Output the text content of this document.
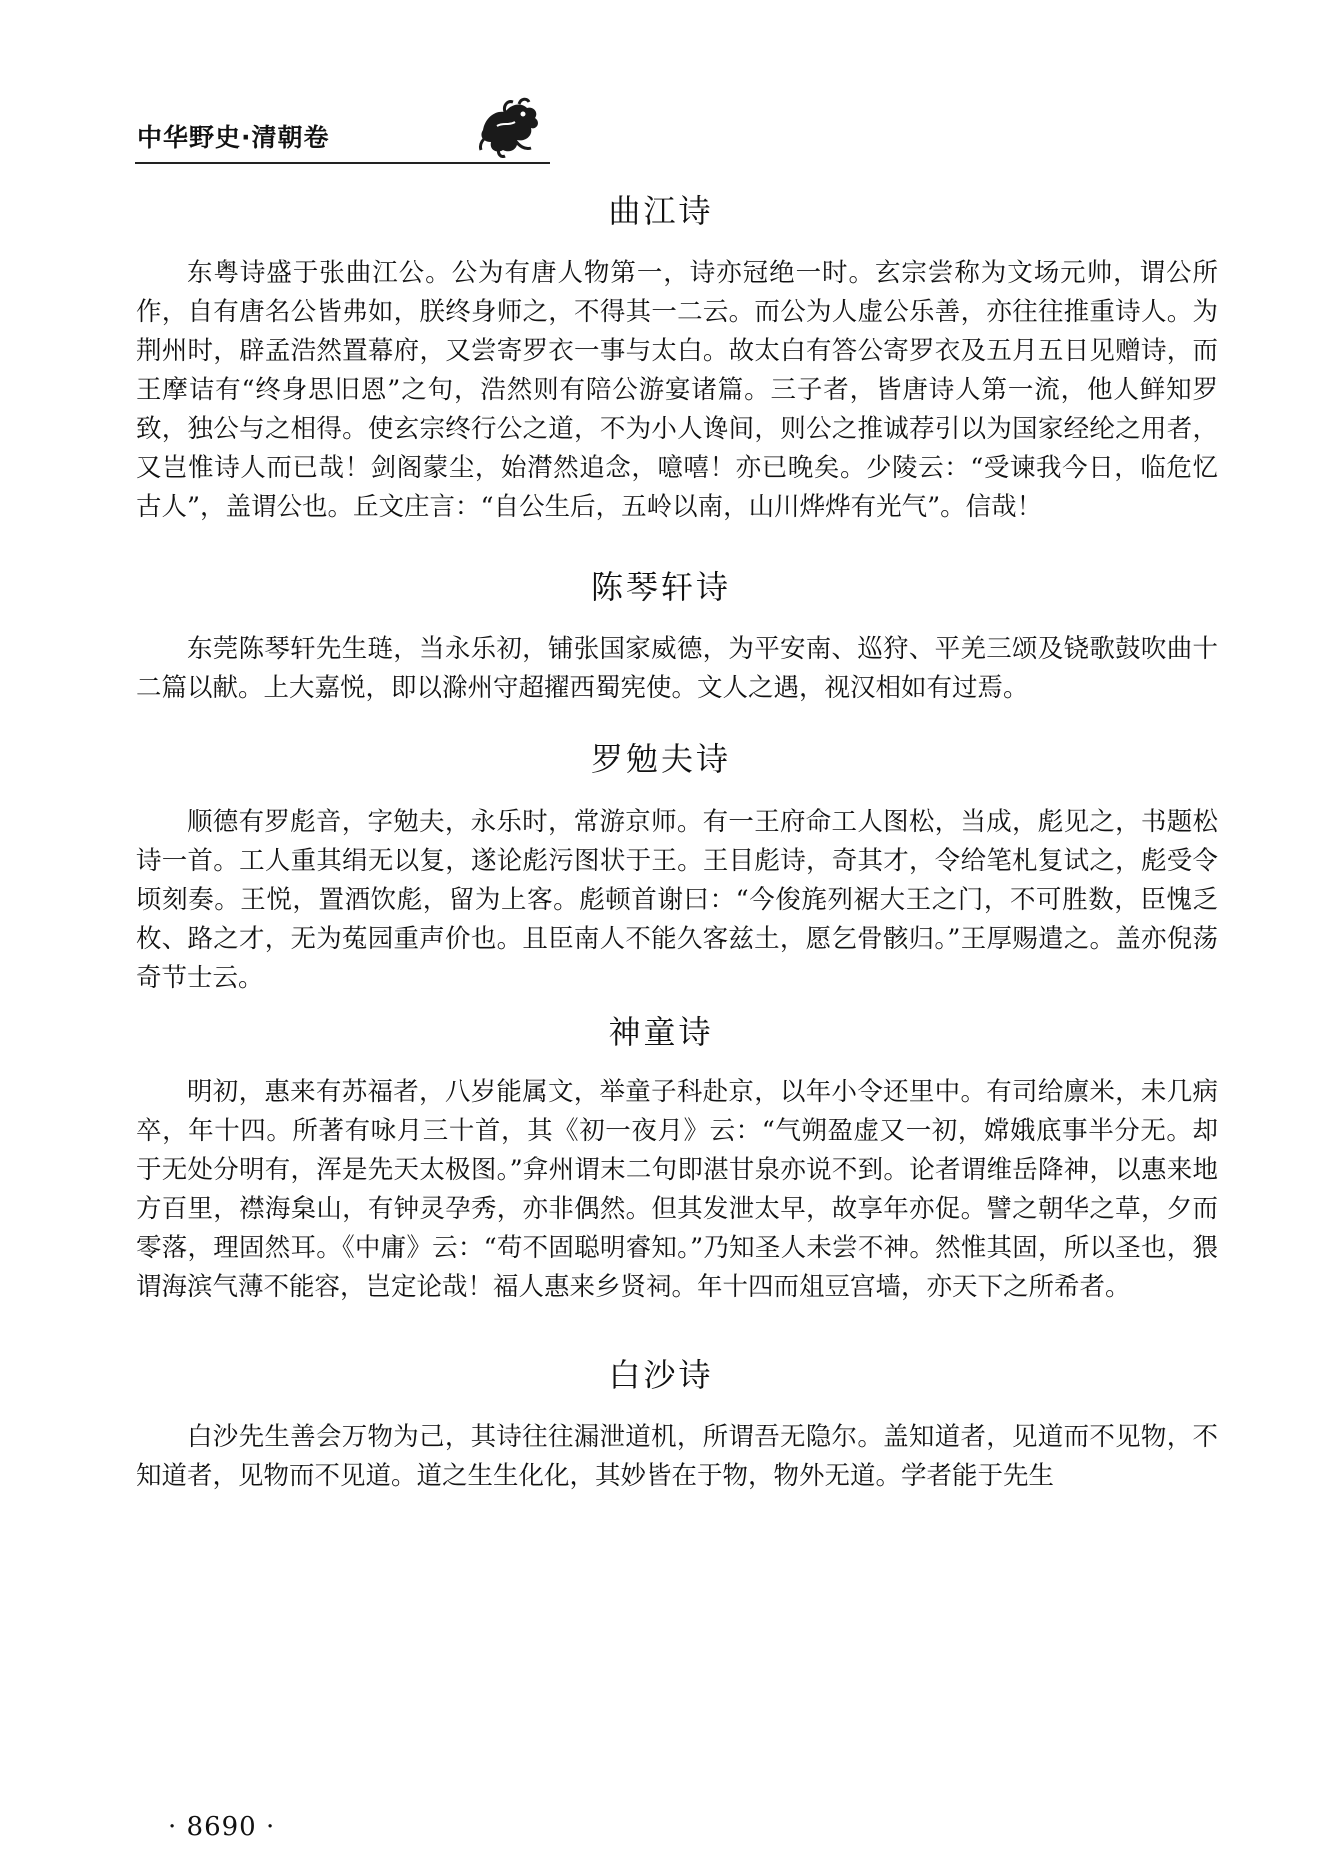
中华野史·清朝卷
曲江诗

东粤诗盛于张曲江公。公为有唐人物第一，诗亦冠绝一时。玄宗尝称为文场元帅，谓公所作，自有唐名公皆弗如，朕终身师之，不得其一二云。而公为人虚公乐善，亦往往推重诗人。为荆州时，辟孟浩然置幕府，又尝寄罗衣一事与太白。故太白有答公寄罗衣及五月五日见赠诗，而王摩诘有“终身思旧恩”之句，浩然则有陪公游宴诸篇。三子者，皆唐诗人第一流，他人鲜知罗致，独公与之相得。使玄宗终行公之道，不为小人谗间，则公之推诚荐引以为国家经纶之用者，又岂惟诗人而已哉！剑阁蒙尘，始潸然追念，噫嘻！亦已晚矣。少陵云：“受谏我今日，临危忆古人”，盖谓公也。丘文庄言：“自公生后，五岭以南，山川烨烨有光气”。信哉！

陈琴轩诗

东莞陈琴轩先生琏，当永乐初，铺张国家威德，为平安南、巡狩、平羌三颂及铙歌鼓吹曲十二篇以献。上大嘉悦，即以滁州守超擢西蜀宪使。文人之遇，视汉相如有过焉。

罗勉夫诗

顺德有罗彪音，字勉夫，永乐时，常游京师。有一王府命工人图松，当成，彪见之，书题松诗一首。工人重其绢无以复，遂论彪污图状于王。王目彪诗，奇其才，令给笔札复试之，彪受令顷刻奏。王悦，置酒饮彪，留为上客。彪顿首谢曰：“今俊旄列裾大王之门，不可胜数，臣愧乏枚、路之才，无为菟园重声价也。且臣南人不能久客兹土，愿乞骨骸归。”王厚赐遣之。盖亦倪荡奇节士云。

神童诗

明初，惠来有苏福者，八岁能属文，举童子科赴京，以年小令还里中。有司给廪米，未几病卒，年十四。所著有咏月三十首，其《初一夜月》云：“气朔盈虚又一初，嫦娥底事半分无。却于无处分明有，浑是先天太极图。”弇州谓末二句即湛甘泉亦说不到。论者谓维岳降神，以惠来地方百里，襟海枲山，有钟灵孕秀，亦非偶然。但其发泄太早，故享年亦促。譬之朝华之草，夕而零落，理固然耳。《中庸》云：“苟不固聪明睿知。”乃知圣人未尝不神。然惟其固，所以圣也，猥谓海滨气薄不能容，岂定论哉！福人惠来乡贤祠。年十四而俎豆宫墙，亦天下之所希者。

白沙诗

白沙先生善会万物为己，其诗往往漏泄道机，所谓吾无隐尔。盖知道者，见道而不见物，不知道者，见物而不见道。道之生生化化，其妙皆在于物，物外无道。学者能于先生

· 8690 ·
